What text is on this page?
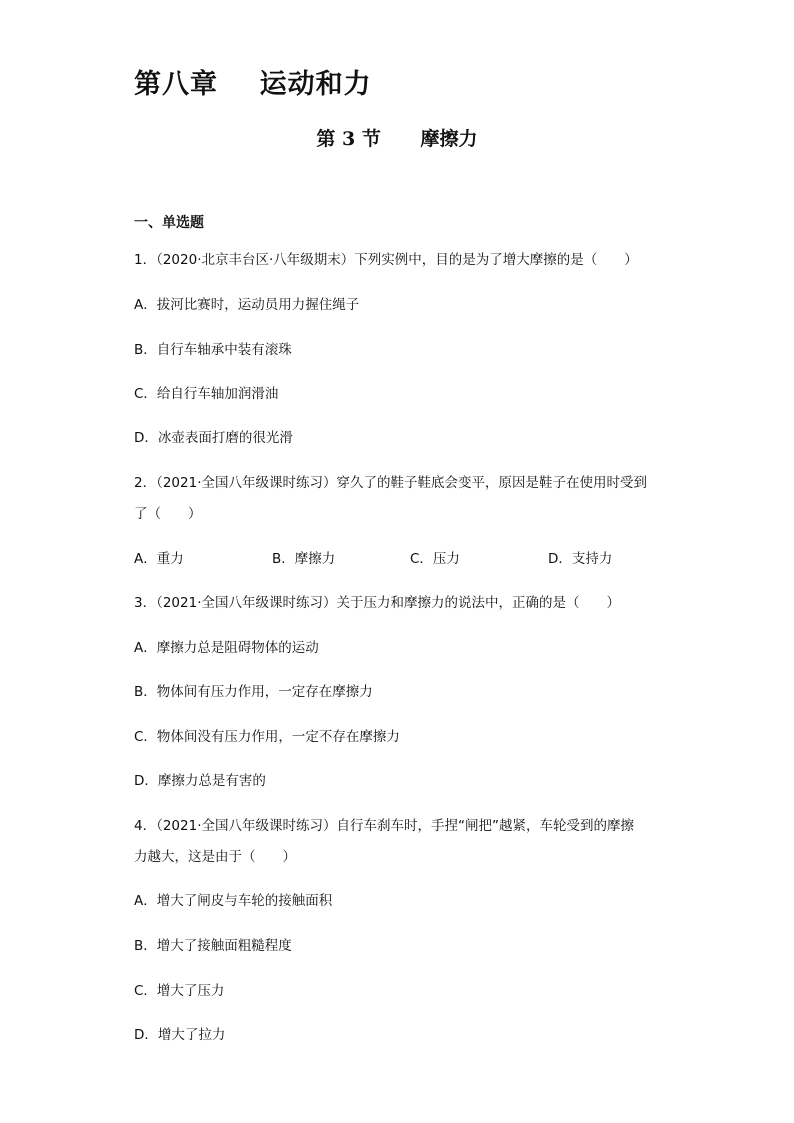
第八章    运动和力
第 3 节      摩擦力
一、单选题
1．（2020·北京丰台区·八年级期末）下列实例中，目的是为了增大摩擦的是（　　）
A．拔河比赛时，运动员用力握住绳子
B．自行车轴承中装有滚珠
C．给自行车轴加润滑油
D．冰壶表面打磨的很光滑
2．（2021·全国八年级课时练习）穿久了的鞋子鞋底会变平，原因是鞋子在使用时受到
了（　　）
A．重力	B．摩擦力	C．压力	D．支持力
3．（2021·全国八年级课时练习）关于压力和摩擦力的说法中，正确的是（　　）
A．摩擦力总是阻碍物体的运动
B．物体间有压力作用，一定存在摩擦力
C．物体间没有压力作用，一定不存在摩擦力
D．摩擦力总是有害的
4．（2021·全国八年级课时练习）自行车刹车时，手捏“闸把”越紧，车轮受到的摩擦
力越大，这是由于（　　）
A．增大了闸皮与车轮的接触面积
B．增大了接触面粗糙程度
C．增大了压力
D．增大了拉力
